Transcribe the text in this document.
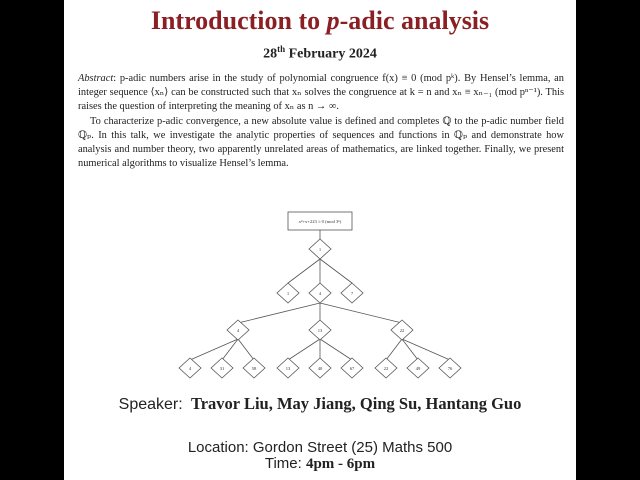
Introduction to p-adic analysis

28th February 2024

Abstract: p-adic numbers arise in the study of polynomial congruence f(x) ≡ 0 (mod pᵏ). By Hensel’s lemma, an integer sequence ⟨xₙ⟩ can be constructed such that xₙ solves the congruence at k = n and xₙ ≡ xₙ₋₁ (mod pⁿ⁻¹). This raises the question of interpreting the meaning of xₙ as n → ∞.

To characterize p-adic convergence, a new absolute value is defined and completes ℚ to the p-adic number field ℚₚ. In this talk, we investigate the analytic properties of sequences and functions in ℚₚ and demonstrate how analysis and number theory, two apparently unrelated areas of mathematics, are linked together. Finally, we present numerical algorithms to visualize Hensel’s lemma.

x²+x+223 ≡ 0 (mod 3ᵏ)
1
1	4	7
4	13	22
4	31	58	13	40	67	22	49	76

Speaker: Travor Liu, May Jiang, Qing Su, Hantang Guo

Location: Gordon Street (25) Maths 500
Time: 4pm - 6pm
